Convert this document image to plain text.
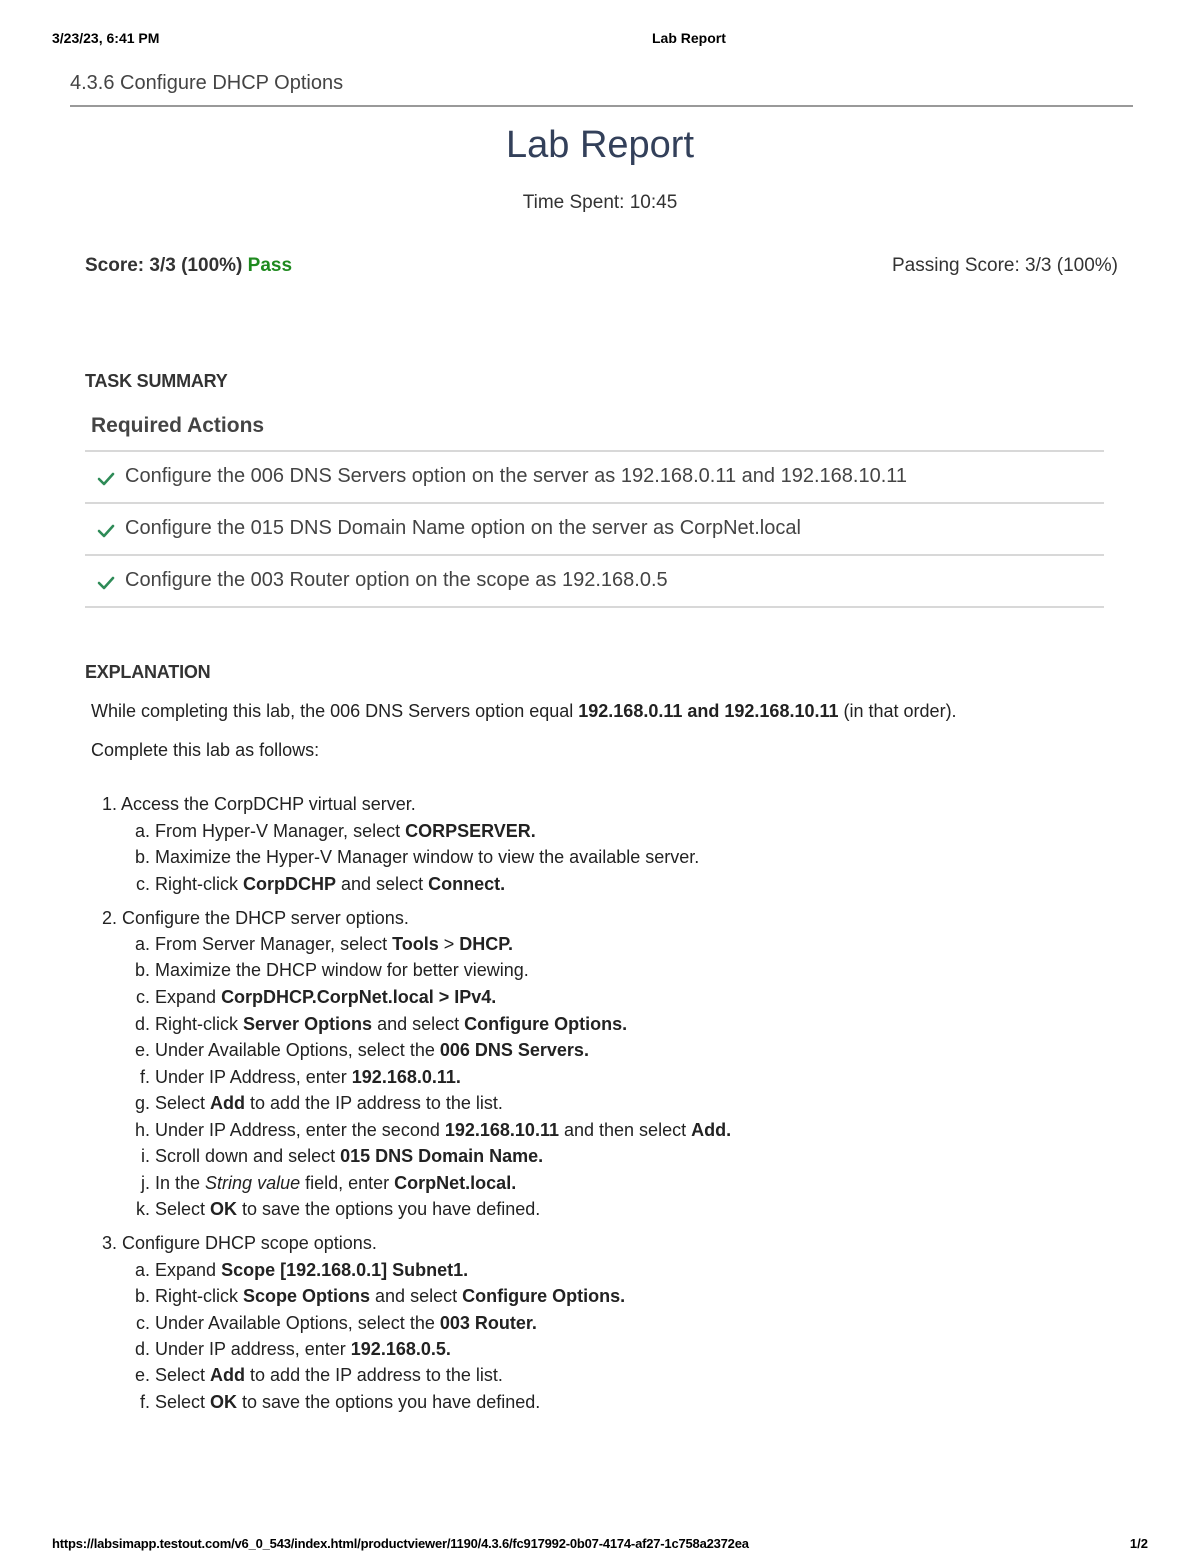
3/23/23, 6:41 PM	Lab Report
4.3.6 Configure DHCP Options
Lab Report
Time Spent: 10:45
Score: 3/3 (100%) Pass	Passing Score: 3/3 (100%)
TASK SUMMARY
Required Actions
Configure the 006 DNS Servers option on the server as 192.168.0.11 and 192.168.10.11
Configure the 015 DNS Domain Name option on the server as CorpNet.local
Configure the 003 Router option on the scope as 192.168.0.5
EXPLANATION
While completing this lab, the 006 DNS Servers option equal 192.168.0.11 and 192.168.10.11 (in that order).
Complete this lab as follows:
1. Access the CorpDCHP virtual server.
a. From Hyper-V Manager, select CORPSERVER.
b. Maximize the Hyper-V Manager window to view the available server.
c. Right-click CorpDCHP and select Connect.
2. Configure the DHCP server options.
a. From Server Manager, select Tools > DHCP.
b. Maximize the DHCP window for better viewing.
c. Expand CorpDHCP.CorpNet.local > IPv4.
d. Right-click Server Options and select Configure Options.
e. Under Available Options, select the 006 DNS Servers.
f. Under IP Address, enter 192.168.0.11.
g. Select Add to add the IP address to the list.
h. Under IP Address, enter the second 192.168.10.11 and then select Add.
i. Scroll down and select 015 DNS Domain Name.
j. In the String value field, enter CorpNet.local.
k. Select OK to save the options you have defined.
3. Configure DHCP scope options.
a. Expand Scope [192.168.0.1] Subnet1.
b. Right-click Scope Options and select Configure Options.
c. Under Available Options, select the 003 Router.
d. Under IP address, enter 192.168.0.5.
e. Select Add to add the IP address to the list.
f. Select OK to save the options you have defined.
https://labsimapp.testout.com/v6_0_543/index.html/productviewer/1190/4.3.6/fc917992-0b07-4174-af27-1c758a2372ea	1/2
